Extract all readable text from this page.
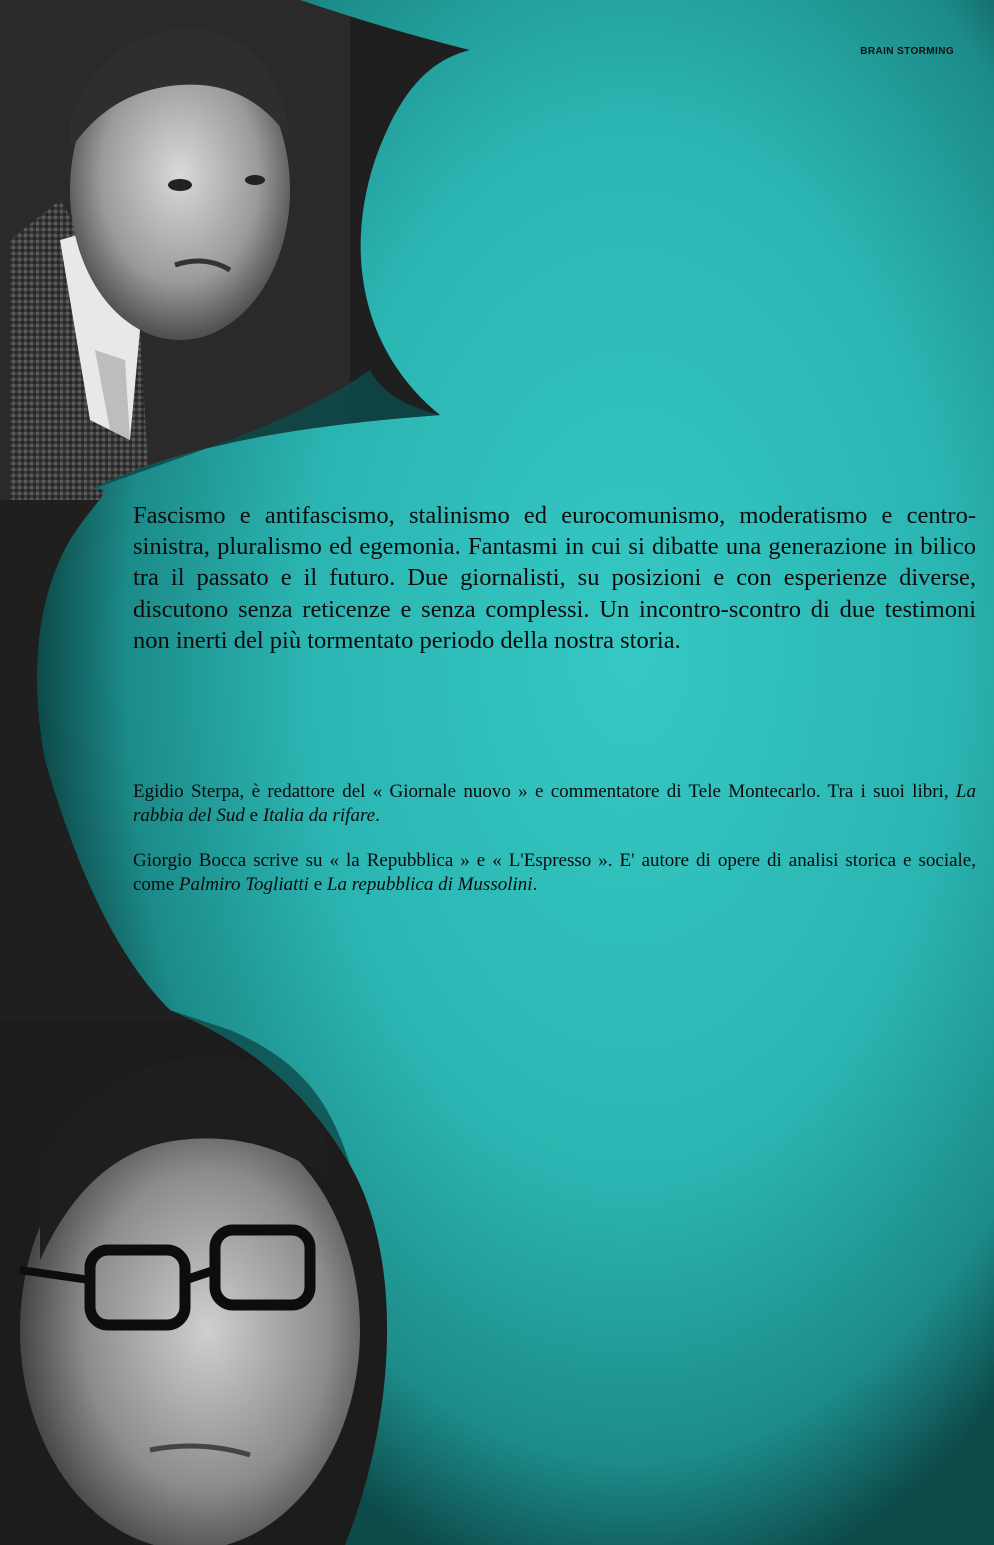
BRAIN STORMING

Fascismo e antifascismo, stalinismo ed eurocomunismo, moderatismo e centro-sinistra, pluralismo ed egemonia. Fantasmi in cui si dibatte una generazione in bilico tra il passato e il futuro. Due giornalisti, su posizioni e con esperienze diverse, discutono senza reticenze e senza complessi. Un incontro-scontro di due testimoni non inerti del più tormentato periodo della nostra storia.

Egidio Sterpa, è redattore del « Giornale nuovo » e commentatore di Tele Montecarlo. Tra i suoi libri, La rabbia del Sud e Italia da rifare.

Giorgio Bocca scrive su « la Repubblica » e « L'Espresso ». E' autore di opere di analisi storica e sociale, come Palmiro Togliatti e La repubblica di Mussolini.
